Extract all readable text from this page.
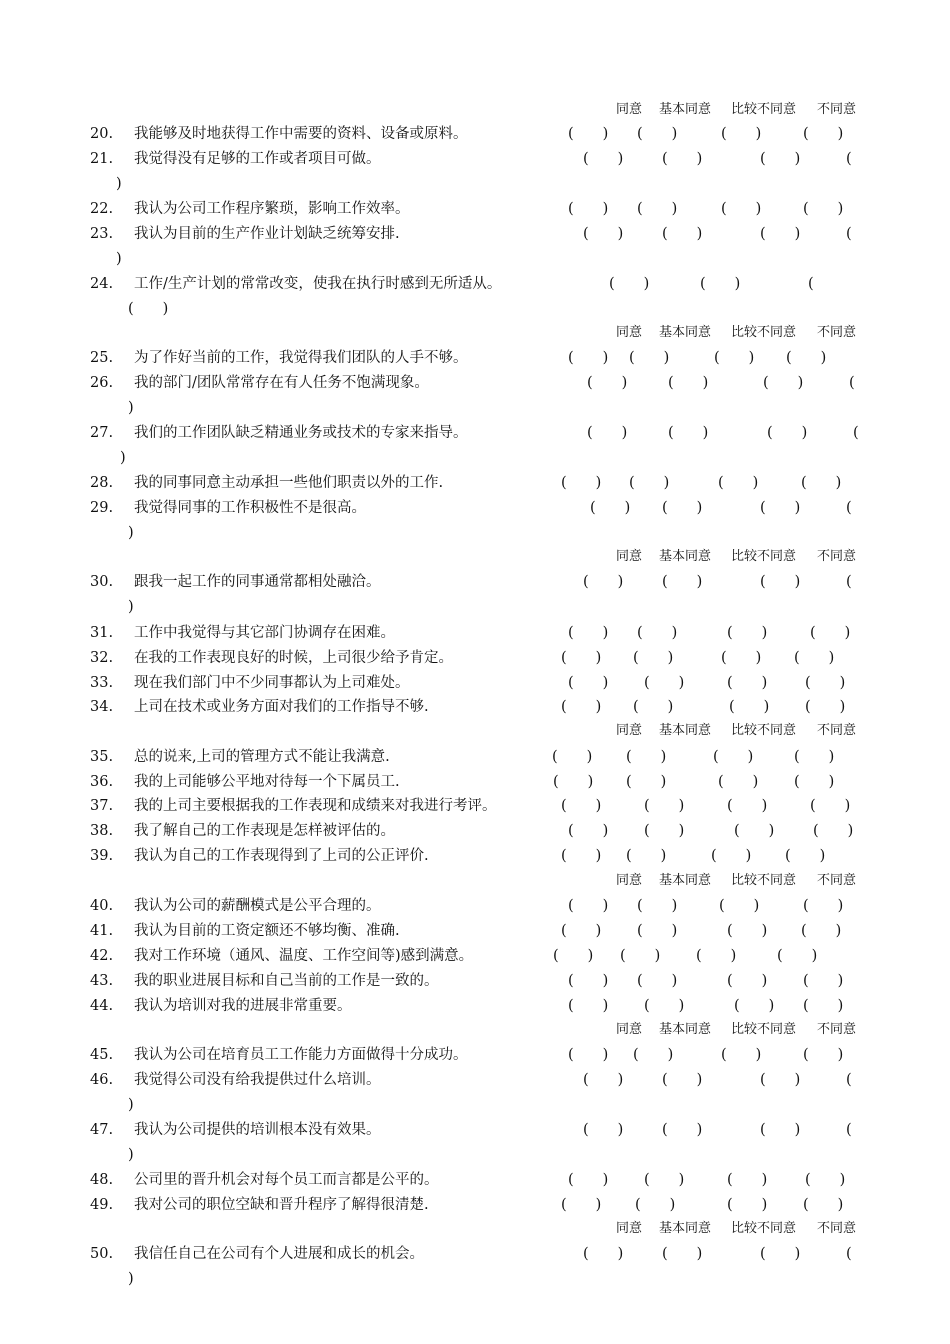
同意 基本同意 比较不同意 不同意
同意 基本同意 比较不同意 不同意
同意 基本同意 比较不同意 不同意
同意 基本同意 比较不同意 不同意
同意 基本同意 比较不同意 不同意
同意 基本同意 比较不同意 不同意
同意 基本同意 比较不同意 不同意
20. 我能够及时地获得工作中需要的资料、设备或原料。	(　　) (　　)	(　　)	(　　)
21. 我觉得没有足够的工作或者项目可做。	(　　)	(　　)	(　　)	(
)
22. 我认为公司工作程序繁琐，影响工作效率。	(　　) (　　)	(　　)	(　　)
23. 我认为目前的生产作业计划缺乏统筹安排.	(　　)	(　　)	(　　)	(
)
24. 工作/生产计划的常常改变，使我在执行时感到无所适从。	(　　)	(　　)	(
(　　)
25. 为了作好当前的工作，我觉得我们团队的人手不够。	(　　) (　　)	(　　) (　　)
26. 我的部门/团队常常存在有人任务不饱满现象。	(　　)	(　　)	(　　)	(
)
27. 我们的工作团队缺乏精通业务或技术的专家来指导。	(　　)	(　　)	(　　)	(
)
28. 我的同事同意主动承担一些他们职责以外的工作.	(　　) (　　)	(　　)	(　　)
29. 我觉得同事的工作积极性不是很高。	(　　) (　　)	(　　)	(
)
30. 跟我一起工作的同事通常都相处融洽。	(　　)	(　　)	(　　)	(
)
31. 工作中我觉得与其它部门协调存在困难。	(　　) (　　)	(　　)	(　　)
32. 在我的工作表现良好的时候，上司很少给予肯定。	(　　) (　　)	(　　) (　　)
33. 现在我们部门中不少同事都认为上司难处。	(　　) (　　)	(　　)	(　　)
34. 上司在技术或业务方面对我们的工作指导不够.	(　　) (　　)	(　　) (　　)
35. 总的说来,上司的管理方式不能让我满意.	(　　) (　　)	(　　)	(　　)
36. 我的上司能够公平地对待每一个下属员工.	(　　) (　　)	(　　) (　　)
37. 我的上司主要根据我的工作表现和成绩来对我进行考评。	(　　)	(　　)	(　　)	(　　)
38. 我了解自己的工作表现是怎样被评估的。	(　　) (　　)	(　　)	(　　)
39. 我认为自己的工作表现得到了上司的公正评价.	(　　) (　　)	(　　) (　　)
40. 我认为公司的薪酬模式是公平合理的。	(　　) (　　)	(　　)	(　　)
41. 我认为目前的工资定额还不够均衡、准确.	(　　) (　　)	(　　) (　　)
42. 我对工作环境（通风、温度、工作空间等)感到满意。	(　　) (　　) (　　)	(　　)
43. 我的职业进展目标和自己当前的工作是一致的。	(　　) (　　)	(　　) (　　)
44. 我认为培训对我的进展非常重要。	(　　) (　　)	(　　) (　　)
45. 我认为公司在培育员工工作能力方面做得十分成功。	(　　) (　　)	(　　)	(　　)
46. 我觉得公司没有给我提供过什么培训。	(　　)	(　　)	(　　)	(
)
47. 我认为公司提供的培训根本没有效果。	(　　)	(　　)	(　　)	(
)
48. 公司里的晋升机会对每个员工而言都是公平的。	(　　) (　　)	(　　)	(　　)
49. 我对公司的职位空缺和晋升程序了解得很清楚.	(　　) (　　)	(　　) (　　)
50. 我信任自己在公司有个人进展和成长的机会。	(　　)	(　　)	(　　)	(
)
